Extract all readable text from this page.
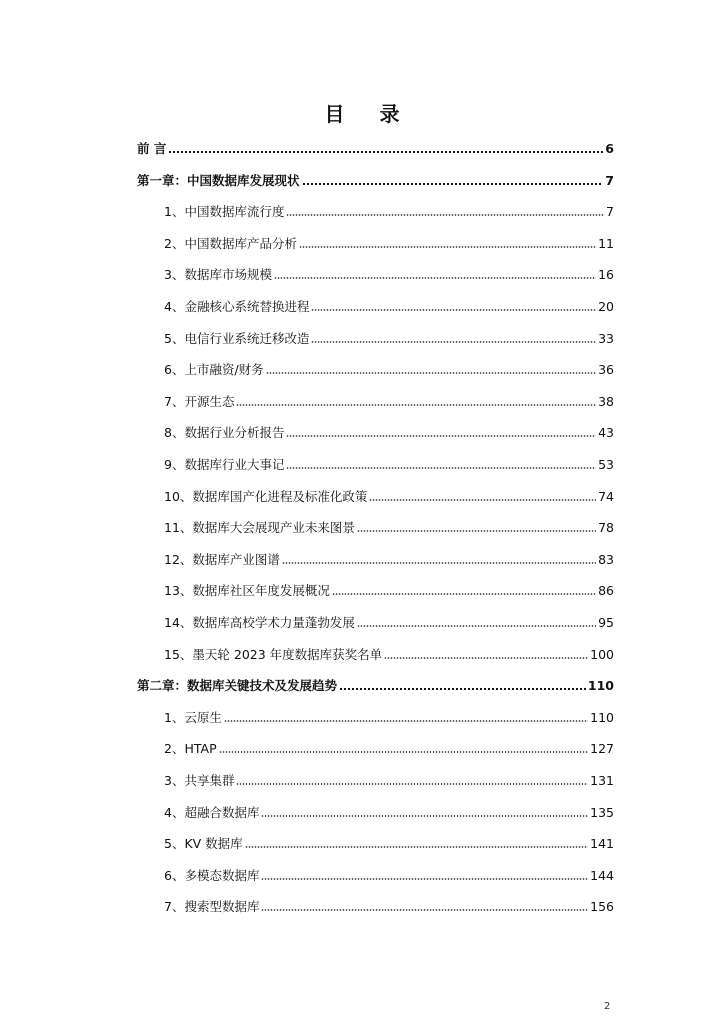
目 录
前 言	6
第一章：中国数据库发展现状	7
1、中国数据库流行度	7
2、中国数据库产品分析	11
3、数据库市场规模	16
4、金融核心系统替换进程	20
5、电信行业系统迁移改造	33
6、上市融资/财务	36
7、开源生态	38
8、数据行业分析报告	43
9、数据库行业大事记	53
10、数据库国产化进程及标准化政策	74
11、数据库大会展现产业未来图景	78
12、数据库产业图谱	83
13、数据库社区年度发展概况	86
14、数据库高校学术力量蓬勃发展	95
15、墨天轮 2023 年度数据库获奖名单	100
第二章：数据库关键技术及发展趋势	110
1、云原生	110
2、HTAP	127
3、共享集群	131
4、超融合数据库	135
5、KV 数据库	141
6、多模态数据库	144
7、搜索型数据库	156
2
